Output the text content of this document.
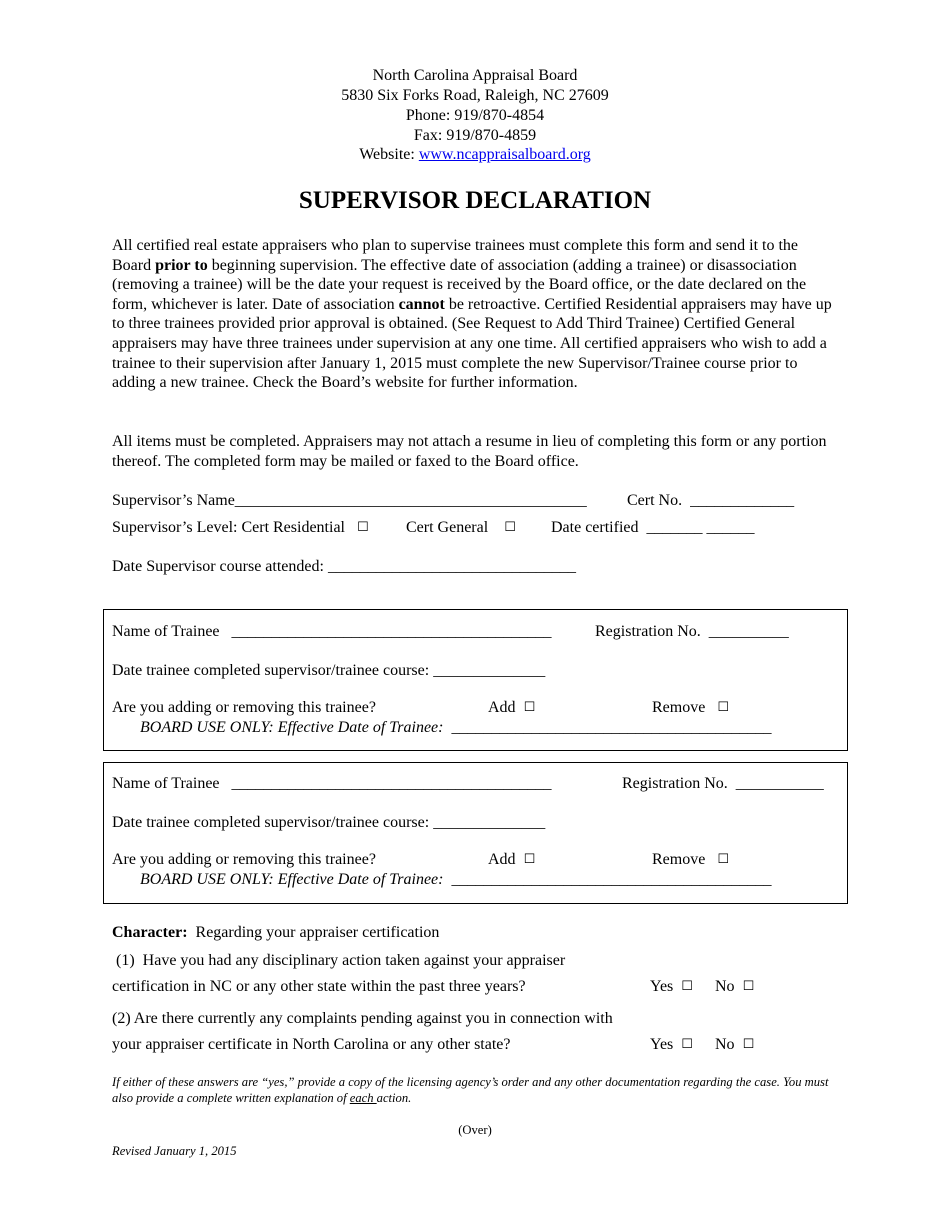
North Carolina Appraisal Board
5830 Six Forks Road, Raleigh, NC 27609
Phone: 919/870-4854
Fax: 919/870-4859
Website: www.ncappraisalboard.org
SUPERVISOR DECLARATION
All certified real estate appraisers who plan to supervise trainees must complete this form and send it to the Board prior to beginning supervision. The effective date of association (adding a trainee) or disassociation (removing a trainee) will be the date your request is received by the Board office, or the date declared on the form, whichever is later. Date of association cannot be retroactive. Certified Residential appraisers may have up to three trainees provided prior approval is obtained. (See Request to Add Third Trainee) Certified General appraisers may have three trainees under supervision at any one time. All certified appraisers who wish to add a trainee to their supervision after January 1, 2015 must complete the new Supervisor/Trainee course prior to adding a new trainee. Check the Board’s website for further information.
All items must be completed. Appraisers may not attach a resume in lieu of completing this form or any portion thereof. The completed form may be mailed or faxed to the Board office.
Supervisor’s Name____________________________________________	Cert No. _____________
Supervisor’s Level: Cert Residential ☐ Cert General ☐ Date certified _______ ______
Date Supervisor course attended: _______________________________
Name of Trainee ________________________________________	Registration No. __________
Date trainee completed supervisor/trainee course: ______________
Are you adding or removing this trainee?	Add ☐	Remove ☐
BOARD USE ONLY: Effective Date of Trainee: ________________________________________
Name of Trainee ________________________________________	Registration No. ___________
Date trainee completed supervisor/trainee course: ______________
Are you adding or removing this trainee?	Add ☐	Remove ☐
BOARD USE ONLY: Effective Date of Trainee: ________________________________________
Character:  Regarding your appraiser certification
(1)  Have you had any disciplinary action taken against your appraiser
certification in NC or any other state within the past three years?	Yes ☐ No ☐
(2) Are there currently any complaints pending against you in connection with
your appraiser certificate in North Carolina or any other state?	Yes ☐ No ☐
If either of these answers are “yes,” provide a copy of the licensing agency’s order and any other documentation regarding the case. You must also provide a complete written explanation of each action.
(Over)
Revised January 1, 2015
